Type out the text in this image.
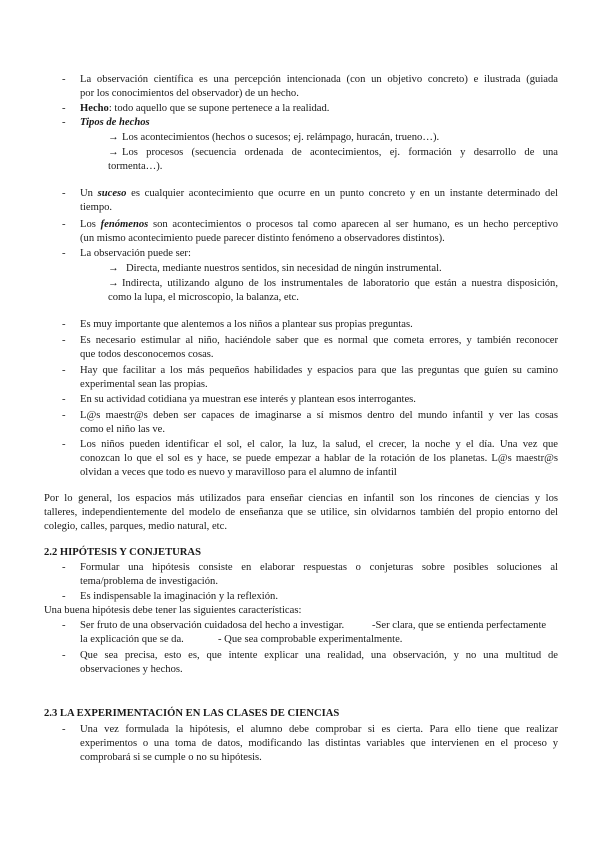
- La observación científica es una percepción intencionada (con un objetivo concreto) e ilustrada (guiada
por los conocimientos del observador) de un hecho.
- Hecho: todo aquello que se supone pertenece a la realidad.
- Tipos de hechos
→ Los acontecimientos (hechos o sucesos; ej. relámpago, huracán, trueno…).
→ Los procesos (secuencia ordenada de acontecimientos, ej. formación y desarrollo de una
tormenta…).
- Un suceso es cualquier acontecimiento que ocurre en un punto concreto y en un instante determinado del
tiempo.
- Los fenómenos son acontecimientos o procesos tal como aparecen al ser humano, es un hecho perceptivo
(un mismo acontecimiento puede parecer distinto fenómeno a observadores distintos).
- La observación puede ser:
→ Directa, mediante nuestros sentidos, sin necesidad de ningún instrumental.
→ Indirecta, utilizando alguno de los instrumentales de laboratorio que están a nuestra disposición,
como la lupa, el microscopio, la balanza, etc.
- Es muy importante que alentemos a los niños a plantear sus propias preguntas.
- Es necesario estimular al niño, haciéndole saber que es normal que cometa errores, y también reconocer
que todos desconocemos cosas.
- Hay que facilitar a los más pequeños habilidades y espacios para que las preguntas que guíen su camino
experimental sean las propias.
- En su actividad cotidiana ya muestran ese interés y plantean esos interrogantes.
- L@s maestr@s deben ser capaces de imaginarse a sí mismos dentro del mundo infantil y ver las cosas
como el niño las ve.
- Los niños pueden identificar el sol, el calor, la luz, la salud, el crecer, la noche y el día. Una vez que
conozcan lo que el sol es y hace, se puede empezar a hablar de la rotación de los planetas. L@s maestr@s
olvidan a veces que todo es nuevo y maravilloso para el alumno de infantil
Por lo general, los espacios más utilizados para enseñar ciencias en infantil son los rincones de ciencias y los
talleres, independientemente del modelo de enseñanza que se utilice, sin olvidarnos también del propio entorno del
colegio, calles, parques, medio natural, etc.
2.2 HIPÓTESIS Y CONJETURAS
- Formular una hipótesis consiste en elaborar respuestas o conjeturas sobre posibles soluciones al
tema/problema de investigación.
- Es indispensable la imaginación y la reflexión.
Una buena hipótesis debe tener las siguientes características:
- Ser fruto de una observación cuidadosa del hecho a investigar.	-Ser clara, que se entienda perfectamente
la explicación que se da.	- Que sea comprobable experimentalmente.
- Que sea precisa, esto es, que intente explicar una realidad, una observación, y no una multitud de
observaciones y hechos.
2.3 LA EXPERIMENTACIÓN EN LAS CLASES DE CIENCIAS
- Una vez formulada la hipótesis, el alumno debe comprobar si es cierta. Para ello tiene que realizar
experimentos o una toma de datos, modificando las distintas variables que intervienen en el proceso y
comprobará si se cumple o no su hipótesis.
